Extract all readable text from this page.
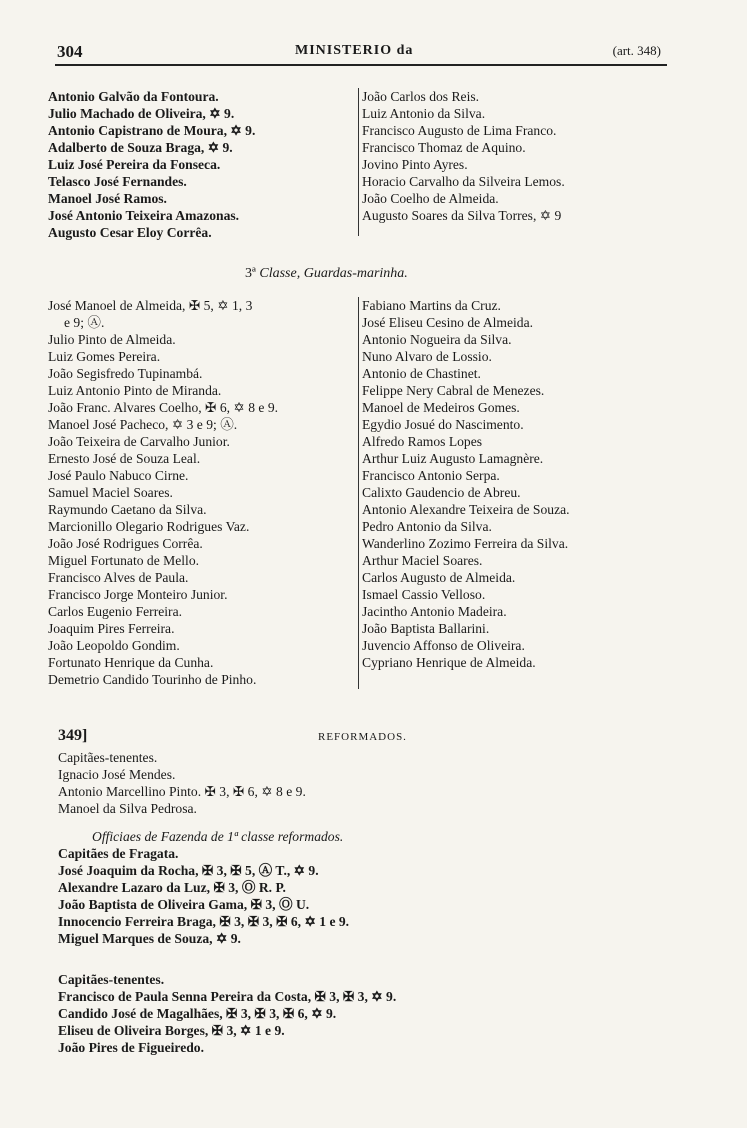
304	MINISTERIO da	(art. 348)
Antonio Galvão da Fontoura.
Julio Machado de Oliveira, ✡ 9.
Antonio Capistrano de Moura, ✡ 9.
Adalberto de Souza Braga, ✡ 9.
Luiz José Pereira da Fonseca.
Telasco José Fernandes.
Manoel José Ramos.
José Antonio Teixeira Amazonas.
Augusto Cesar Eloy Corrêa.
João Carlos dos Reis.
Luiz Antonio da Silva.
Francisco Augusto de Lima Franco.
Francisco Thomaz de Aquino.
Jovino Pinto Ayres.
Horacio Carvalho da Silveira Lemos.
João Coelho de Almeida.
Augusto Soares da Silva Torres, ✡ 9
3ª Classe, Guardas-marinha.
José Manoel de Almeida, ✠ 5, ✡ 1, 3
e 9; Ⓐ.
Julio Pinto de Almeida.
Luiz Gomes Pereira.
João Segisfredo Tupinambá.
Luiz Antonio Pinto de Miranda.
João Franc. Alvares Coelho, ✠ 6, ✡ 8 e 9.
Manoel José Pacheco, ✡ 3 e 9; Ⓐ.
João Teixeira de Carvalho Junior.
Ernesto José de Souza Leal.
José Paulo Nabuco Cirne.
Samuel Maciel Soares.
Raymundo Caetano da Silva.
Marcionillo Olegario Rodrigues Vaz.
João José Rodrigues Corrêa.
Miguel Fortunato de Mello.
Francisco Alves de Paula.
Francisco Jorge Monteiro Junior.
Carlos Eugenio Ferreira.
Joaquim Pires Ferreira.
João Leopoldo Gondim.
Fortunato Henrique da Cunha.
Demetrio Candido Tourinho de Pinho.
Fabiano Martins da Cruz.
José Eliseu Cesino de Almeida.
Antonio Nogueira da Silva.
Nuno Alvaro de Lossio.
Antonio de Chastinet.
Felippe Nery Cabral de Menezes.
Manoel de Medeiros Gomes.
Egydio Josué do Nascimento.
Alfredo Ramos Lopes
Arthur Luiz Augusto Lamagnère.
Francisco Antonio Serpa.
Calixto Gaudencio de Abreu.
Antonio Alexandre Teixeira de Souza.
Pedro Antonio da Silva.
Wanderlino Zozimo Ferreira da Silva.
Arthur Maciel Soares.
Carlos Augusto de Almeida.
Ismael Cassio Velloso.
Jacintho Antonio Madeira.
João Baptista Ballarini.
Juvencio Affonso de Oliveira.
Cypriano Henrique de Almeida.
349]	REFORMADOS.
Capitães-tenentes.
Ignacio José Mendes.
Antonio Marcellino Pinto. ✠ 3, ✠ 6, ✡ 8 e 9.
Manoel da Silva Pedrosa.
Officiaes de Fazenda de 1ª classe reformados.
Capitães de Fragata.
José Joaquim da Rocha, ✠ 3, ✠ 5, Ⓐ T., ✡ 9.
Alexandre Lazaro da Luz, ✠ 3, Ⓞ R. P.
João Baptista de Oliveira Gama, ✠ 3, Ⓞ U.
Innocencio Ferreira Braga, ✠ 3, ✠ 3, ✠ 6, ✡ 1 e 9.
Miguel Marques de Souza, ✡ 9.
Capitães-tenentes.
Francisco de Paula Senna Pereira da Costa, ✠ 3, ✠ 3, ✡ 9.
Candido José de Magalhães, ✠ 3, ✠ 3, ✠ 6, ✡ 9.
Eliseu de Oliveira Borges, ✠ 3, ✡ 1 e 9.
João Pires de Figueiredo.
